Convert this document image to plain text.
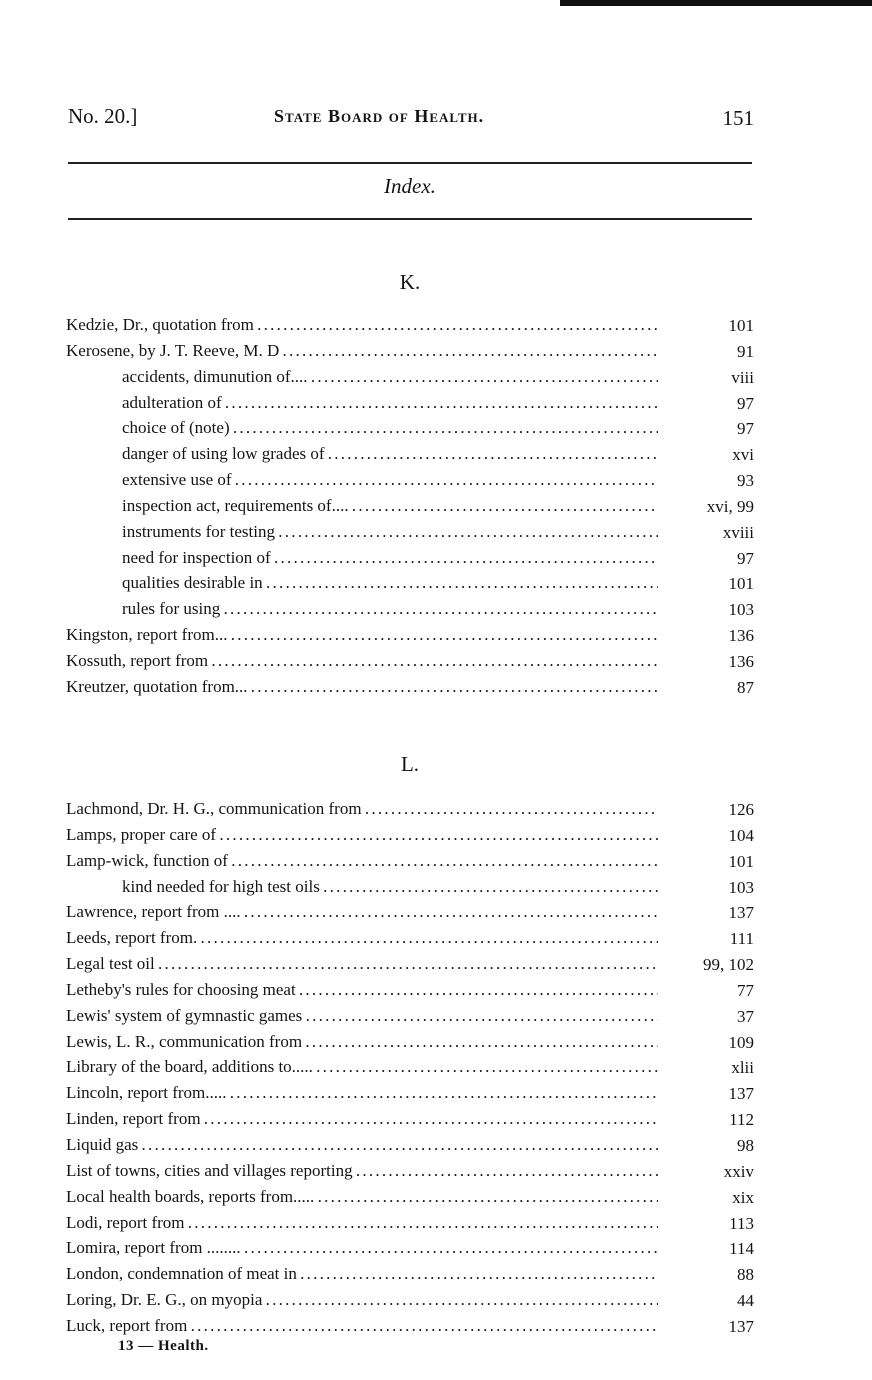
No. 20.]	State Board of Health.	151
Index.
K.
Kedzie, Dr., quotation from . . .	101
Kerosene, by J. T. Reeve, M. D . . .	91
accidents, dimunution of.... . . .	viii
adulteration of . . .	97
choice of (note) . . .	97
danger of using low grades of . . .	xvi
extensive use of . . .	93
inspection act, requirements of.... . . .	xvi, 99
instruments for testing . . .	xviii
need for inspection of . . .	97
qualities desirable in . . .	101
rules for using . . .	103
Kingston, report from... . . .	136
Kossuth, report from . . .	136
Kreutzer, quotation from... . . .	87
L.
Lachmond, Dr. H. G., communication from . . .	126
Lamps, proper care of . . .	104
Lamp-wick, function of . . .	101
kind needed for high test oils . . .	103
Lawrence, report from .... . . .	137
Leeds, report from. . . .	111
Legal test oil . . .	99, 102
Letheby's rules for choosing meat . . .	77
Lewis' system of gymnastic games . . .	37
Lewis, L. R., communication from . . .	109
Library of the board, additions to..... . . .	xlii
Lincoln, report from..... . . .	137
Linden, report from . . .	112
Liquid gas . . .	98
List of towns, cities and villages reporting . . .	xxiv
Local health boards, reports from..... . . .	xix
Lodi, report from . . .	113
Lomira, report from ........ . . .	114
London, condemnation of meat in . . .	88
Loring, Dr. E. G., on myopia . . .	44
Luck, report from . . .	137
13 — Health.
